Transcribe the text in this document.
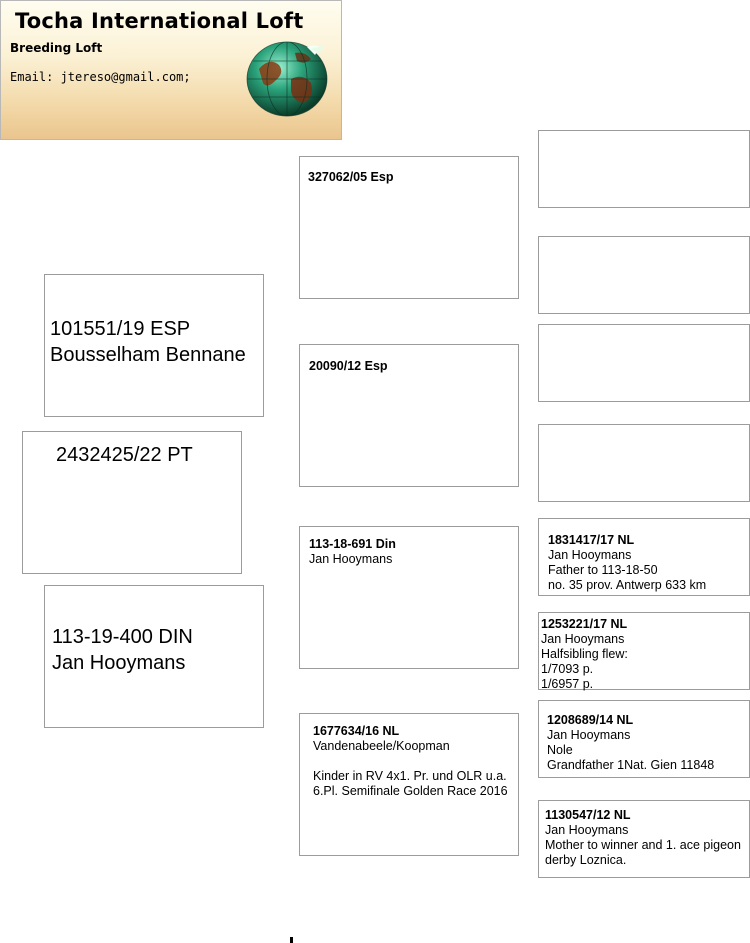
Tocha International Loft
Breeding Loft
Email: jtereso@gmail.com;
2432425/22 PT
101551/19 ESP
Bousselham Bennane
113-19-400 DIN
Jan Hooymans
327062/05 Esp
20090/12 Esp
113-18-691 Din
Jan Hooymans
1677634/16 NL
Vandenabeele/Koopman
Kinder in RV 4x1. Pr. und OLR u.a.
6.Pl. Semifinale Golden Race 2016
1831417/17 NL
Jan Hooymans
Father to 113-18-50
no. 35 prov. Antwerp 633 km
1253221/17 NL
Jan Hooymans
Halfsibling flew:
1/7093 p.
1/6957 p.
1208689/14 NL
Jan Hooymans
Nole
Grandfather 1Nat. Gien 11848
1130547/12 NL
Jan Hooymans
Mother to winner and 1. ace pigeon
derby Loznica.
